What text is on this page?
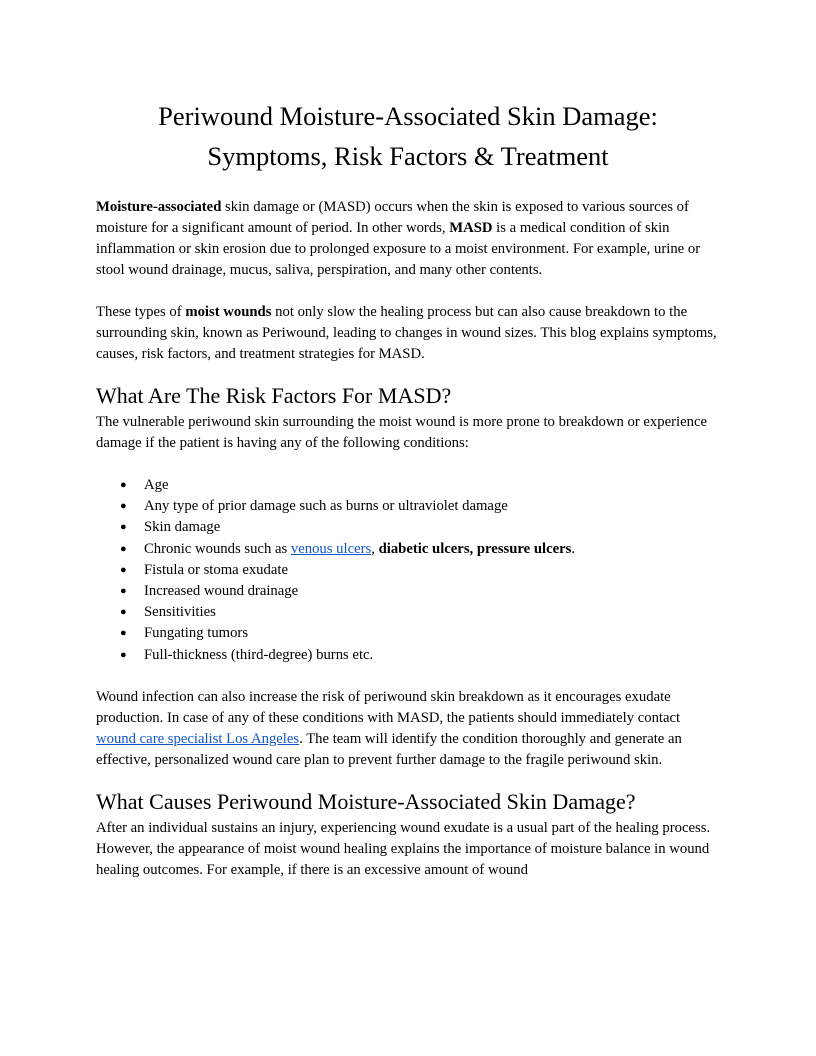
Periwound Moisture-Associated Skin Damage:
Symptoms, Risk Factors & Treatment

Moisture-associated skin damage or (MASD) occurs when the skin is exposed to various sources of moisture for a significant amount of period. In other words, MASD is a medical condition of skin inflammation or skin erosion due to prolonged exposure to a moist environment. For example, urine or stool wound drainage, mucus, saliva, perspiration, and many other contents.

These types of moist wounds not only slow the healing process but can also cause breakdown to the surrounding skin, known as Periwound, leading to changes in wound sizes. This blog explains symptoms, causes, risk factors, and treatment strategies for MASD.

What Are The Risk Factors For MASD?

The vulnerable periwound skin surrounding the moist wound is more prone to breakdown or experience damage if the patient is having any of the following conditions:

● Age
● Any type of prior damage such as burns or ultraviolet damage
● Skin damage
● Chronic wounds such as venous ulcers, diabetic ulcers, pressure ulcers.
● Fistula or stoma exudate
● Increased wound drainage
● Sensitivities
● Fungating tumors
● Full-thickness (third-degree) burns etc.

Wound infection can also increase the risk of periwound skin breakdown as it encourages exudate production. In case of any of these conditions with MASD, the patients should immediately contact wound care specialist Los Angeles. The team will identify the condition thoroughly and generate an effective, personalized wound care plan to prevent further damage to the fragile periwound skin.

What Causes Periwound Moisture-Associated Skin Damage?

After an individual sustains an injury, experiencing wound exudate is a usual part of the healing process. However, the appearance of moist wound healing explains the importance of moisture balance in wound healing outcomes. For example, if there is an excessive amount of wound
